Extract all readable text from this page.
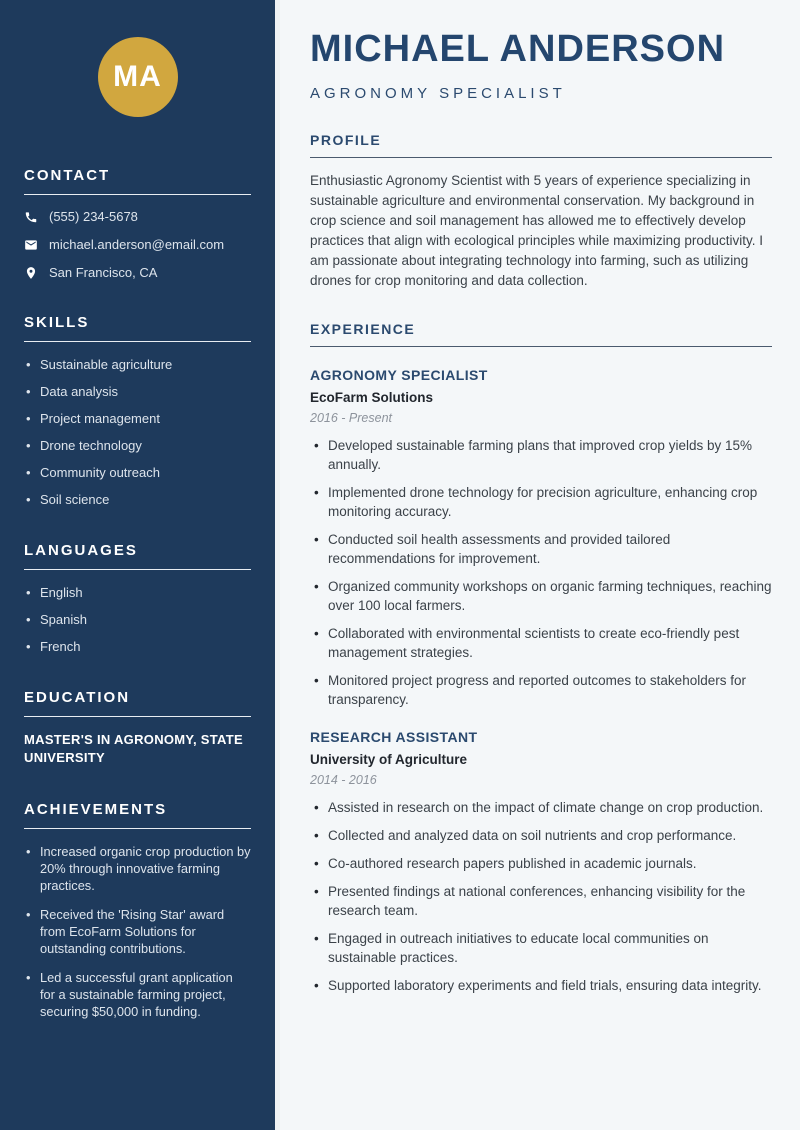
MA
CONTACT
(555) 234-5678
michael.anderson@email.com
San Francisco, CA
SKILLS
• Sustainable agriculture
• Data analysis
• Project management
• Drone technology
• Community outreach
• Soil science
LANGUAGES
• English
• Spanish
• French
EDUCATION
MASTER'S IN AGRONOMY, STATE UNIVERSITY
ACHIEVEMENTS
• Increased organic crop production by 20% through innovative farming practices.
• Received the 'Rising Star' award from EcoFarm Solutions for outstanding contributions.
• Led a successful grant application for a sustainable farming project, securing $50,000 in funding.
MICHAEL ANDERSON
AGRONOMY SPECIALIST
PROFILE

Enthusiastic Agronomy Scientist with 5 years of experience specializing in sustainable agriculture and environmental conservation. My background in crop science and soil management has allowed me to effectively develop practices that align with ecological principles while maximizing productivity. I am passionate about integrating technology into farming, such as utilizing drones for crop monitoring and data collection.

EXPERIENCE
AGRONOMY SPECIALIST
EcoFarm Solutions
2016 - Present
• Developed sustainable farming plans that improved crop yields by 15% annually.
• Implemented drone technology for precision agriculture, enhancing crop monitoring accuracy.
• Conducted soil health assessments and provided tailored recommendations for improvement.
• Organized community workshops on organic farming techniques, reaching over 100 local farmers.
• Collaborated with environmental scientists to create eco-friendly pest management strategies.
• Monitored project progress and reported outcomes to stakeholders for transparency.
RESEARCH ASSISTANT
University of Agriculture
2014 - 2016
• Assisted in research on the impact of climate change on crop production.
• Collected and analyzed data on soil nutrients and crop performance.
• Co-authored research papers published in academic journals.
• Presented findings at national conferences, enhancing visibility for the research team.
• Engaged in outreach initiatives to educate local communities on sustainable practices.
• Supported laboratory experiments and field trials, ensuring data integrity.
